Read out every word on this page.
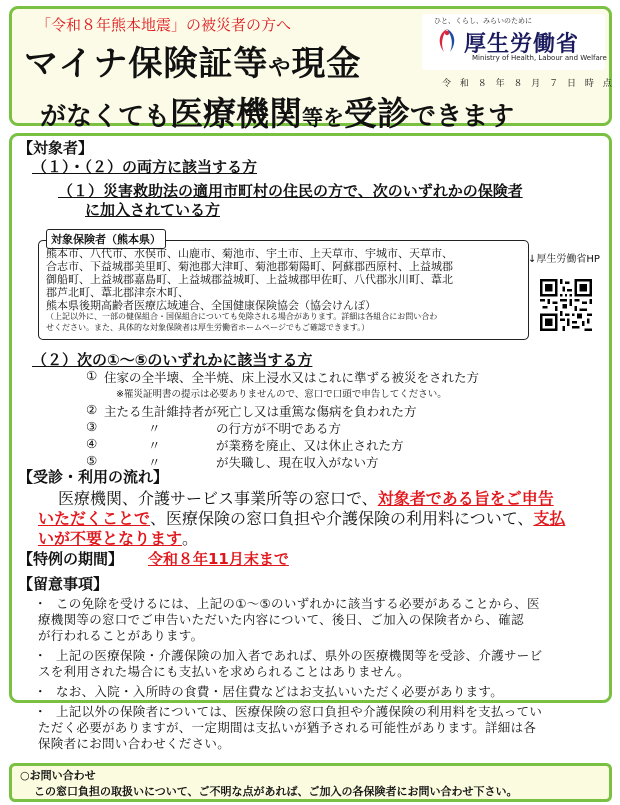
「令和８年熊本地震」の被災者の方へ
マイナ保険証等や現金
がなくても医療機関等を受診できます
ひと、くらし、みらいのために
厚生労働省
Ministry of Health, Labour and Welfare
令 和 ８ 年 ８ 月 ７ 日 時 点
【対象者】
（１）・（２）の両方に該当する方
（１）災害救助法の適用市町村の住民の方で、次のいずれかの保険者
に加入されている方
対象保険者（熊本県）
熊本市、八代市、水俣市、山鹿市、菊池市、宇土市、上天草市、宇城市、天草市、
合志市、下益城郡美里町、菊池郡大津町、菊池郡菊陽町、阿蘇郡西原村、上益城郡
御船町、上益城郡嘉島町、上益城郡益城町、上益城郡甲佐町、八代郡氷川町、葦北
郡芦北町、葦北郡津奈木町、
熊本県後期高齢者医療広域連合、全国健康保険協会（協会けんぽ）
（上記以外に、一部の健保組合・国保組合についても免除される場合があります。詳細は各組合にお問い合わ
せください。また、具体的な対象保険者は厚生労働省ホームページでもご確認できます。）
↓厚生労働省HP
（２）次の①～⑤のいずれかに該当する方
① 住家の全半壊、全半焼、床上浸水又はこれに準ずる被災をされた方
※罹災証明書の提示は必要ありませんので、窓口で口頭で申告してください。
② 主たる生計維持者が死亡し又は重篤な傷病を負われた方
③	〃	の行方が不明である方
④	〃	が業務を廃止、又は休止された方
⑤	〃	が失職し、現在収入がない方
【受診・利用の流れ】
医療機関、介護サービス事業所等の窓口で、対象者である旨をご申告
いただくことで、医療保険の窓口負担や介護保険の利用料について、支払
いが不要となります。
【特例の期間】 令和８年11月末まで
【留意事項】
・ この免除を受けるには、上記の①～⑤のいずれかに該当する必要があることから、医
療機関等の窓口でご申告いただいた内容について、後日、ご加入の保険者から、確認
が行われることがあります。
・ 上記の医療保険・介護保険の加入者であれば、県外の医療機関等を受診、介護サービ
スを利用された場合にも支払いを求められることはありません。
・ なお、入院・入所時の食費・居住費などはお支払いいただく必要があります。
・ 上記以外の保険者については、医療保険の窓口負担や介護保険の利用料を支払ってい
ただく必要がありますが、一定期間は支払いが猶予される可能性があります。詳細は各
保険者にお問い合わせください。
○お問い合わせ
この窓口負担の取扱いについて、ご不明な点があれば、ご加入の各保険者にお問い合わせ下さい。
